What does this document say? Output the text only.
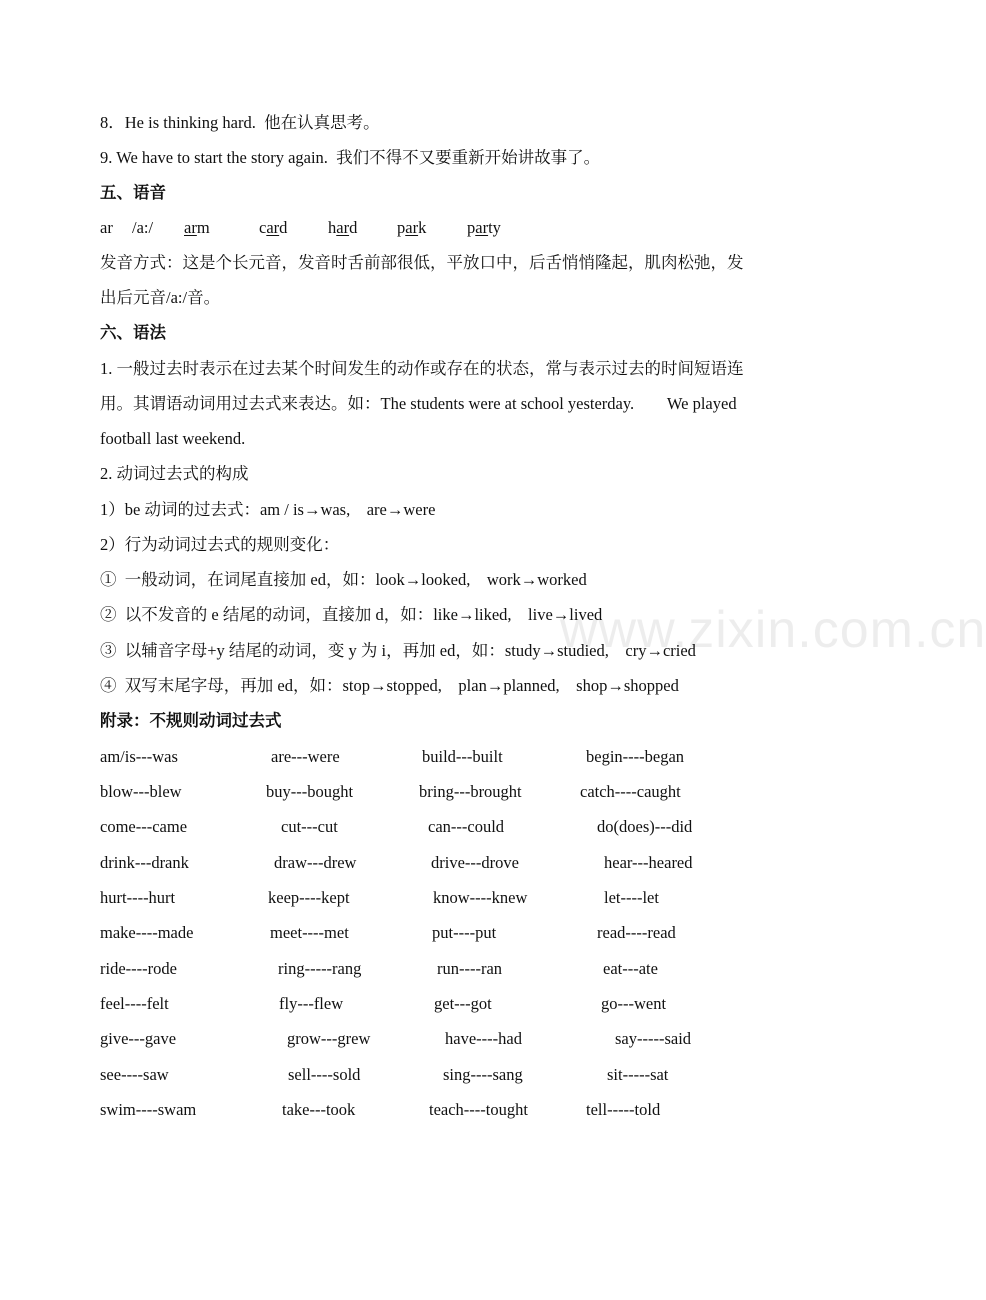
www.zixin.com.cn
8．He is thinking hard.  他在认真思考。
9. We have to start the story again.  我们不得不又要重新开始讲故事了。
五、语音
ar /a:/ arm	card hard park party
发音方式：这是个长元音，发音时舌前部很低，平放口中，后舌悄悄隆起，肌肉松弛，发
出后元音/a:/音。
六、语法
1. 一般过去时表示在过去某个时间发生的动作或存在的状态，常与表示过去的时间短语连
用。其谓语动词用过去式来表达。如：The students were at school yesterday.        We played
football last weekend.
2. 动词过去式的构成
1）be 动词的过去式：am / is→was,    are→were
2）行为动词过去式的规则变化：
①  一般动词，在词尾直接加 ed，如：look→looked,    work→worked
②  以不发音的 e 结尾的动词，直接加 d，如：like→liked,    live→lived
③  以辅音字母+y 结尾的动词，变 y 为 i，再加 ed，如：study→studied,    cry→cried
④  双写末尾字母，再加 ed，如：stop→stopped,    plan→planned,    shop→shopped
附录：不规则动词过去式
am/is---was	are---were	build---built	begin----began
blow---blew	buy---bought	bring---brought	catch----caught
come---came	cut---cut	can---could	do(does)---did
drink---drank	draw---drew	drive---drove	hear---heared
hurt----hurt	keep----kept	know----knew	let----let
make----made	meet----met	put----put	read----read
ride----rode	ring-----rang	run----ran	eat---ate
feel----felt	fly---flew	get---got	go---went
give---gave	grow---grew	have----had	say-----said
see----saw	sell----sold	sing----sang	sit-----sat
swim----swam	take---took	teach----tought	tell-----told
